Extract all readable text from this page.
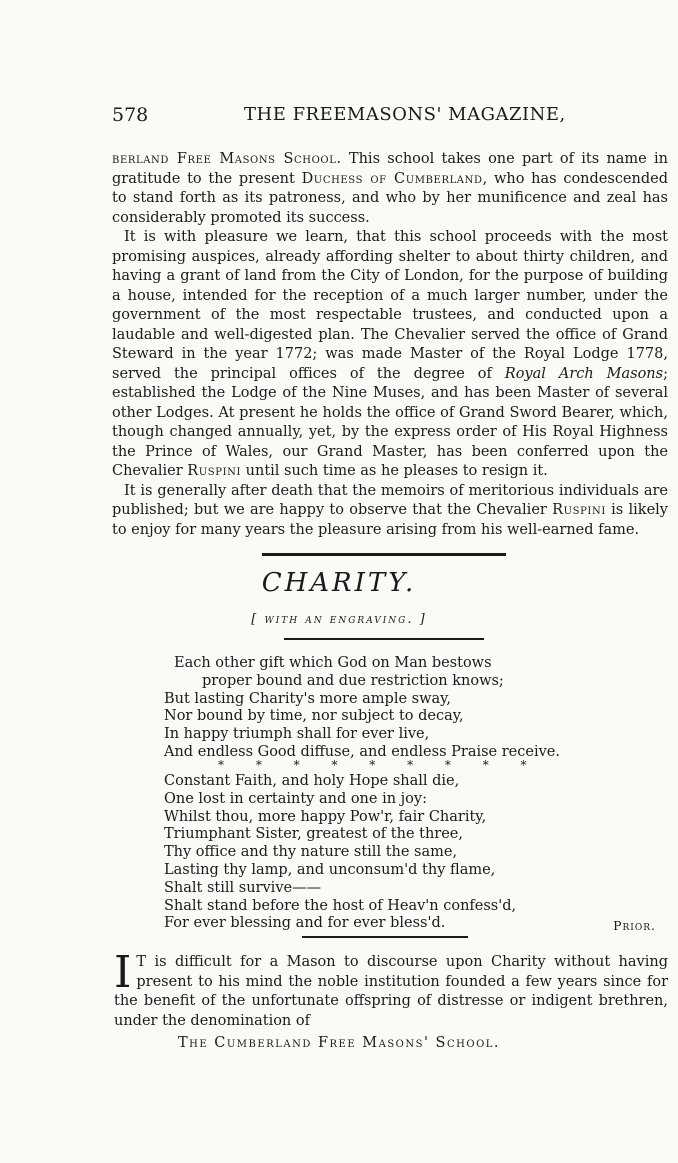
578	THE FREEMASONS' MAGAZINE,

berland Free Masons School. This school takes one part of its name in gratitude to the present Duchess of Cumberland, who has condescended to stand forth as its patroness, and who by her munificence and zeal has considerably promoted its success.

It is with pleasure we learn, that this school proceeds with the most promising auspices, already affording shelter to about thirty children, and having a grant of land from the City of London, for the purpose of building a house, intended for the reception of a much larger number, under the government of the most respectable trustees, and conducted upon a laudable and well-digested plan. The Chevalier served the office of Grand Steward in the year 1772; was made Master of the Royal Lodge 1778, served the principal offices of the degree of Royal Arch Masons; established the Lodge of the Nine Muses, and has been Master of several other Lodges. At present he holds the office of Grand Sword Bearer, which, though changed annually, yet, by the express order of His Royal Highness the Prince of Wales, our Grand Master, has been conferred upon the Chevalier Ruspini until such time as he pleases to resign it.

It is generally after death that the memoirs of meritorious individuals are published; but we are happy to observe that the Chevalier Ruspini is likely to enjoy for many years the pleasure arising from his well-earned fame.

CHARITY.
[ with an engraving. ]
Each other gift which God on Man bestows
proper bound and due restriction knows;
But lasting Charity's more ample sway,
Nor bound by time, nor subject to decay,
In happy triumph shall for ever live,
And endless Good diffuse, and endless Praise receive.
* * * * * * * * *
Constant Faith, and holy Hope shall die,
One lost in certainty and one in joy:
Whilst thou, more happy Pow'r, fair Charity,
Triumphant Sister, greatest of the three,
Thy office and thy nature still the same,
Lasting thy lamp, and unconsum'd thy flame,
Shalt still survive——
Shalt stand before the host of Heav'n confess'd,
For ever blessing and for ever bless'd.	Prior.
I T is difficult for a Mason to discourse upon Charity without having present to his mind the noble institution founded a few years since for the benefit of the unfortunate offspring of distresse or indigent brethren, under the denomination of
The Cumberland Free Masons' School.
